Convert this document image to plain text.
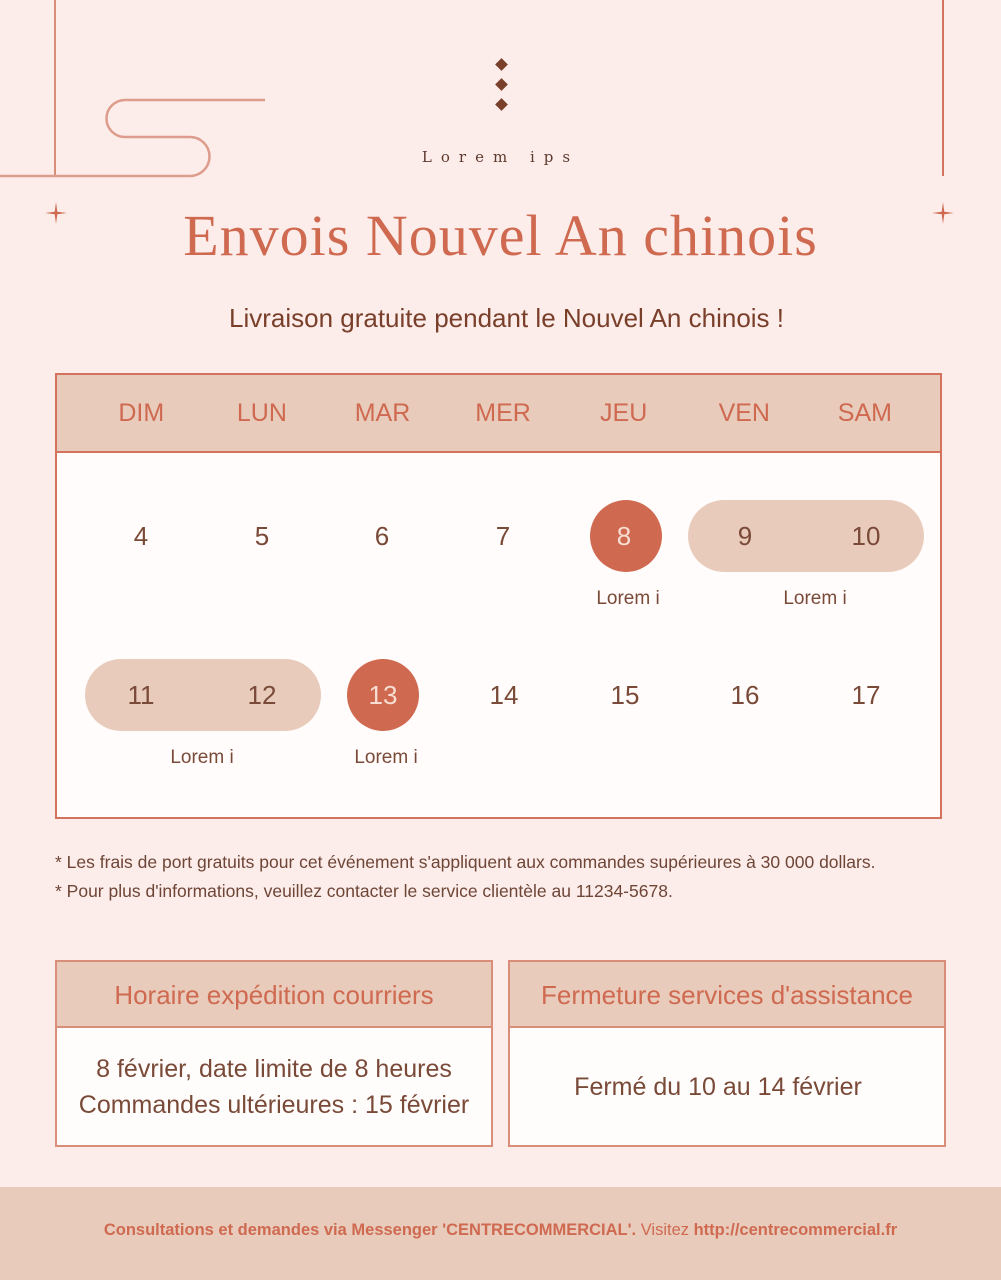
Lorem ips
Envois Nouvel An chinois
Livraison gratuite pendant le Nouvel An chinois !
DIM	LUN	MAR	MER	JEU	VEN	SAM
4	5	6	7	8	9	10
Lorem i	Lorem i
11	12	13	14	15	16	17
Lorem i	Lorem i
* Les frais de port gratuits pour cet événement s'appliquent aux commandes supérieures à 30 000 dollars.
* Pour plus d'informations, veuillez contacter le service clientèle au 11234-5678.
Horaire expédition courriers
8 février, date limite de 8 heures
Commandes ultérieures : 15 février
Fermeture services d'assistance
Fermé du 10 au 14 février
Consultations et demandes via Messenger 'CENTRECOMMERCIAL'. Visitez http://centrecommercial.fr
